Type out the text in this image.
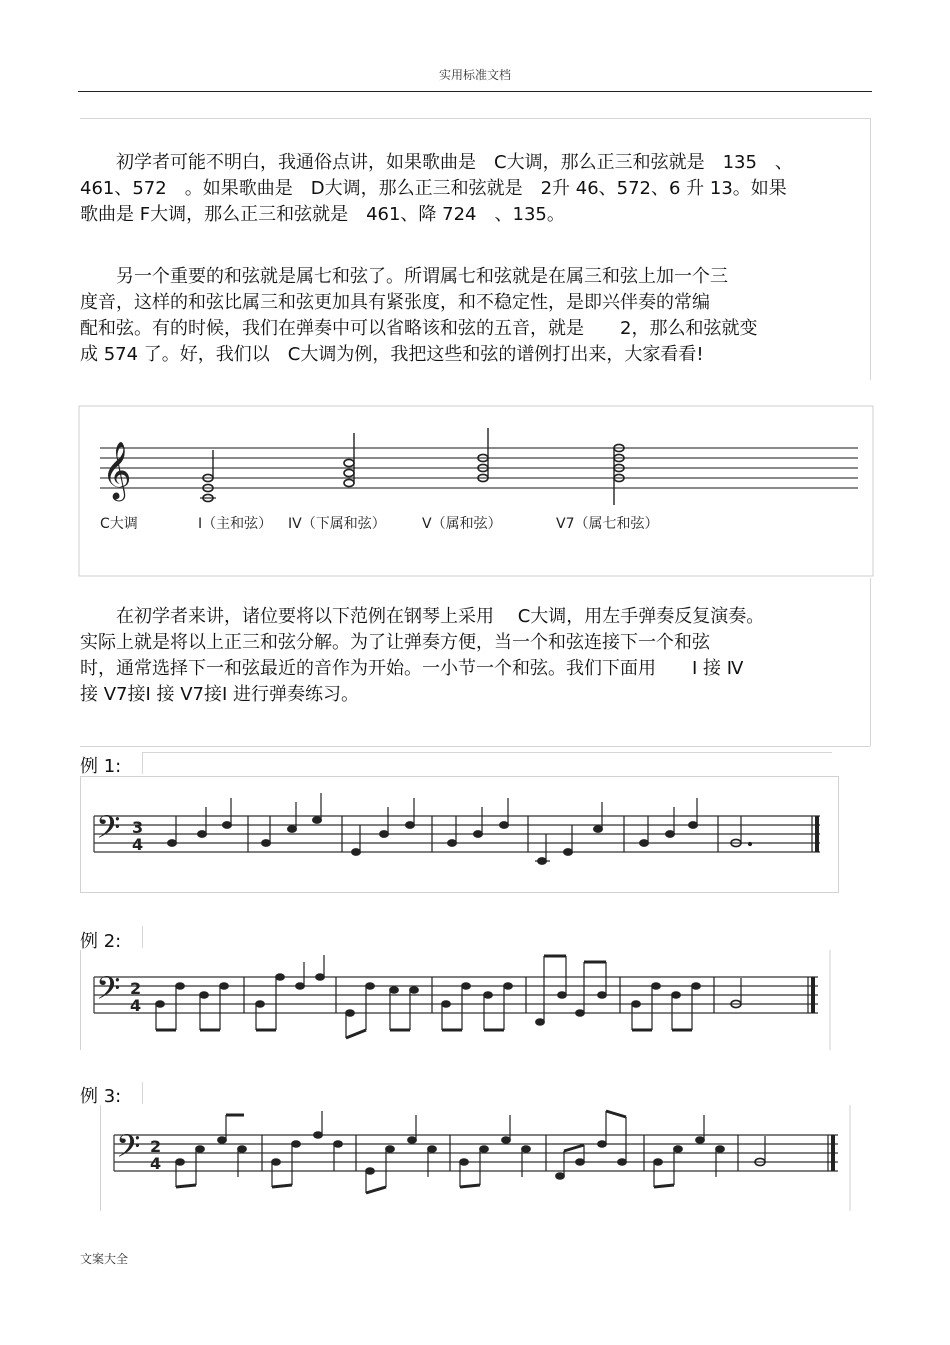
实用标准文档
初学者可能不明白，我通俗点讲，如果歌曲是　C大调，那么正三和弦就是　135　、
461、572　。如果歌曲是　D大调，那么正三和弦就是　2升 46、572、6 升 13。如果
歌曲是 F大调，那么正三和弦就是　461、降 724　、135。
另一个重要的和弦就是属七和弦了。所谓属七和弦就是在属三和弦上加一个三
度音，这样的和弦比属三和弦更加具有紧张度，和不稳定性，是即兴伴奏的常编
配和弦。有的时候，我们在弹奏中可以省略该和弦的五音，就是　　2，那么和弦就变
成 574 了。好，我们以　C大调为例，我把这些和弦的谱例打出来，大家看看!
𝄞
C大调	I（主和弦） IV（下属和弦）	V（属和弦）	V7（属七和弦）
在初学者来讲，诸位要将以下范例在钢琴上采用　 C大调，用左手弹奏反复演奏。
实际上就是将以上正三和弦分解。为了让弹奏方便，当一个和弦连接下一个和弦
时，通常选择下一和弦最近的音作为开始。一小节一个和弦。我们下面用　　Ⅰ 接 Ⅳ
接 V7接Ⅰ 接 V7接Ⅰ 进行弹奏练习。
例 1:
𝄢 3
4
例 2:
𝄢 2
4
例 3:
𝄢 2
4
文案大全
